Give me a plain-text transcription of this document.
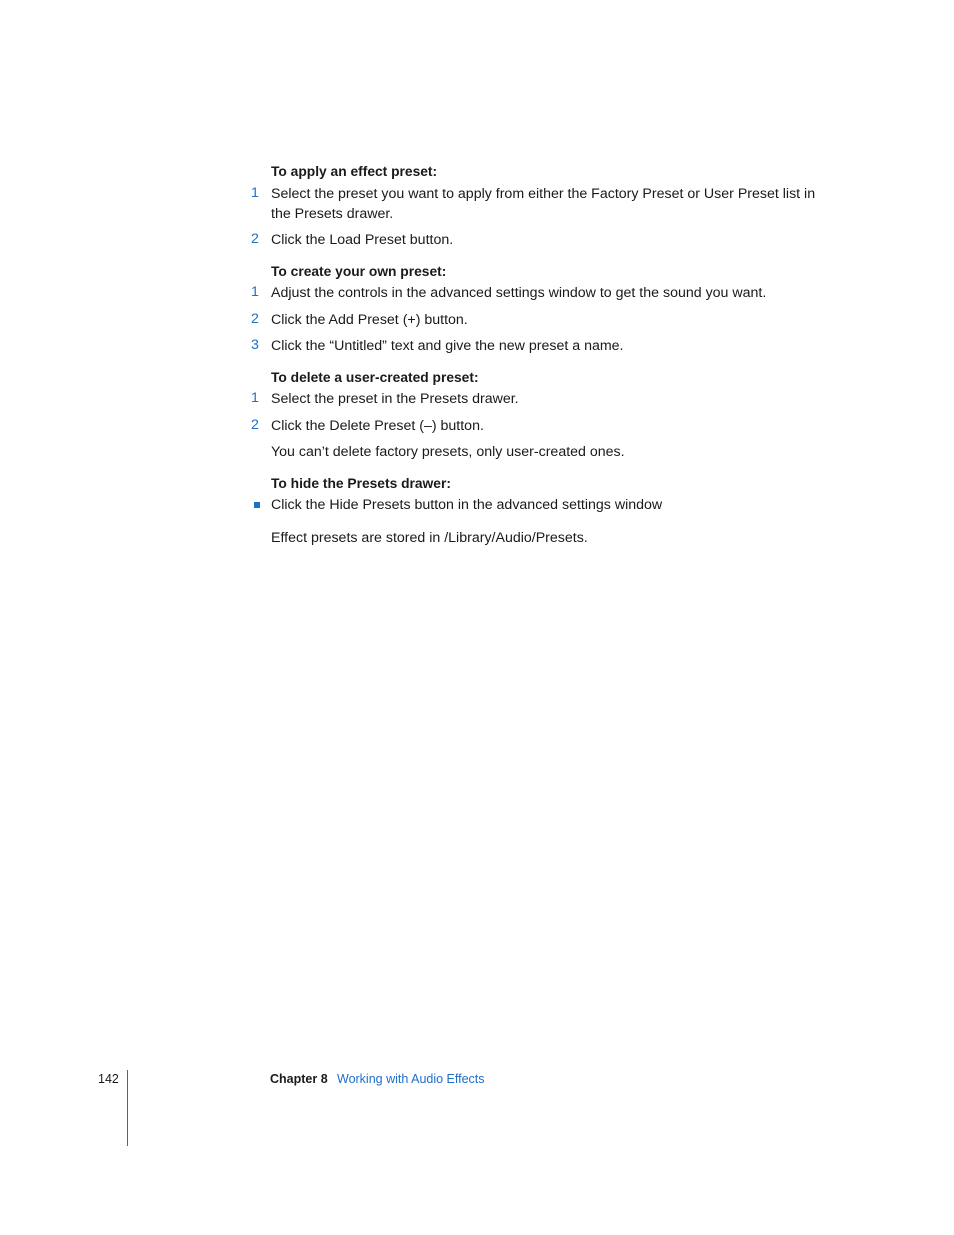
To apply an effect preset:
1 Select the preset you want to apply from either the Factory Preset or User Preset list in the Presets drawer.
2 Click the Load Preset button.
To create your own preset:
1 Adjust the controls in the advanced settings window to get the sound you want.
2 Click the Add Preset (+) button.
3 Click the “Untitled” text and give the new preset a name.
To delete a user-created preset:
1 Select the preset in the Presets drawer.
2 Click the Delete Preset (–) button.
You can’t delete factory presets, only user-created ones.
To hide the Presets drawer:
Click the Hide Presets button in the advanced settings window
Effect presets are stored in /Library/Audio/Presets.
142	Chapter 8 Working with Audio Effects
